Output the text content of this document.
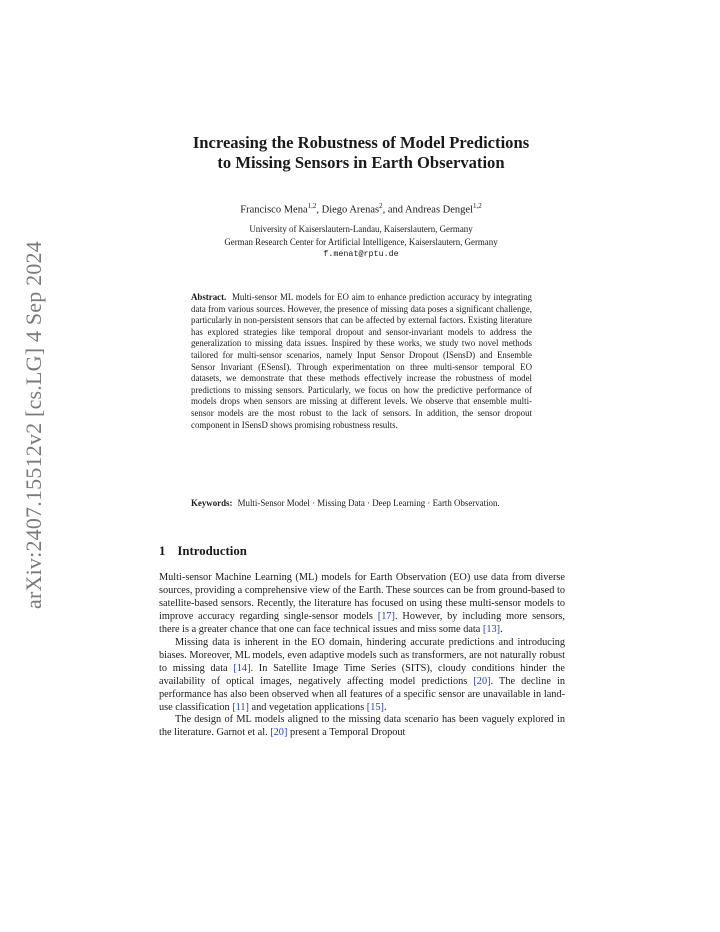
arXiv:2407.15512v2 [cs.LG] 4 Sep 2024
Increasing the Robustness of Model Predictions
to Missing Sensors in Earth Observation
Francisco Mena$^{1,2}$, Diego Arenas$^2$, and Andreas Dengel$^{1,2}$
University of Kaiserslautern-Landau, Kaiserslautern, Germany
German Research Center for Artificial Intelligence, Kaiserslautern, Germany
f.menat@rptu.de
Abstract. Multi-sensor ML models for EO aim to enhance prediction accuracy by integrating data from various sources. However, the presence of missing data poses a significant challenge, particularly in non-persistent sensors that can be affected by external factors. Existing literature has explored strategies like temporal dropout and sensor-invariant models to address the generalization to missing data issues. Inspired by these works, we study two novel methods tailored for multi-sensor scenarios, namely Input Sensor Dropout (ISensD) and Ensemble Sensor Invariant (ESensI). Through experimentation on three multi-sensor temporal EO datasets, we demonstrate that these methods effectively increase the robustness of model predictions to missing sensors. Particularly, we focus on how the predictive performance of models drops when sensors are missing at different levels. We observe that ensemble multi-sensor models are the most robust to the lack of sensors. In addition, the sensor dropout component in ISensD shows promising robustness results.
Keywords: Multi-Sensor Model · Missing Data · Deep Learning · Earth Observation.
1 Introduction

Multi-sensor Machine Learning (ML) models for Earth Observation (EO) use data from diverse sources, providing a comprehensive view of the Earth. These sources can be from ground-based to satellite-based sensors. Recently, the literature has focused on using these multi-sensor models to improve accuracy regarding single-sensor models [17]. However, by including more sensors, there is a greater chance that one can face technical issues and miss some data [13].

Missing data is inherent in the EO domain, hindering accurate predictions and introducing biases. Moreover, ML models, even adaptive models such as transformers, are not naturally robust to missing data [14]. In Satellite Image Time Series (SITS), cloudy conditions hinder the availability of optical images, negatively affecting model predictions [20]. The decline in performance has also been observed when all features of a specific sensor are unavailable in land-use classification [11] and vegetation applications [15].

The design of ML models aligned to the missing data scenario has been vaguely explored in the literature. Garnot et al. [20] present a Temporal Dropout
